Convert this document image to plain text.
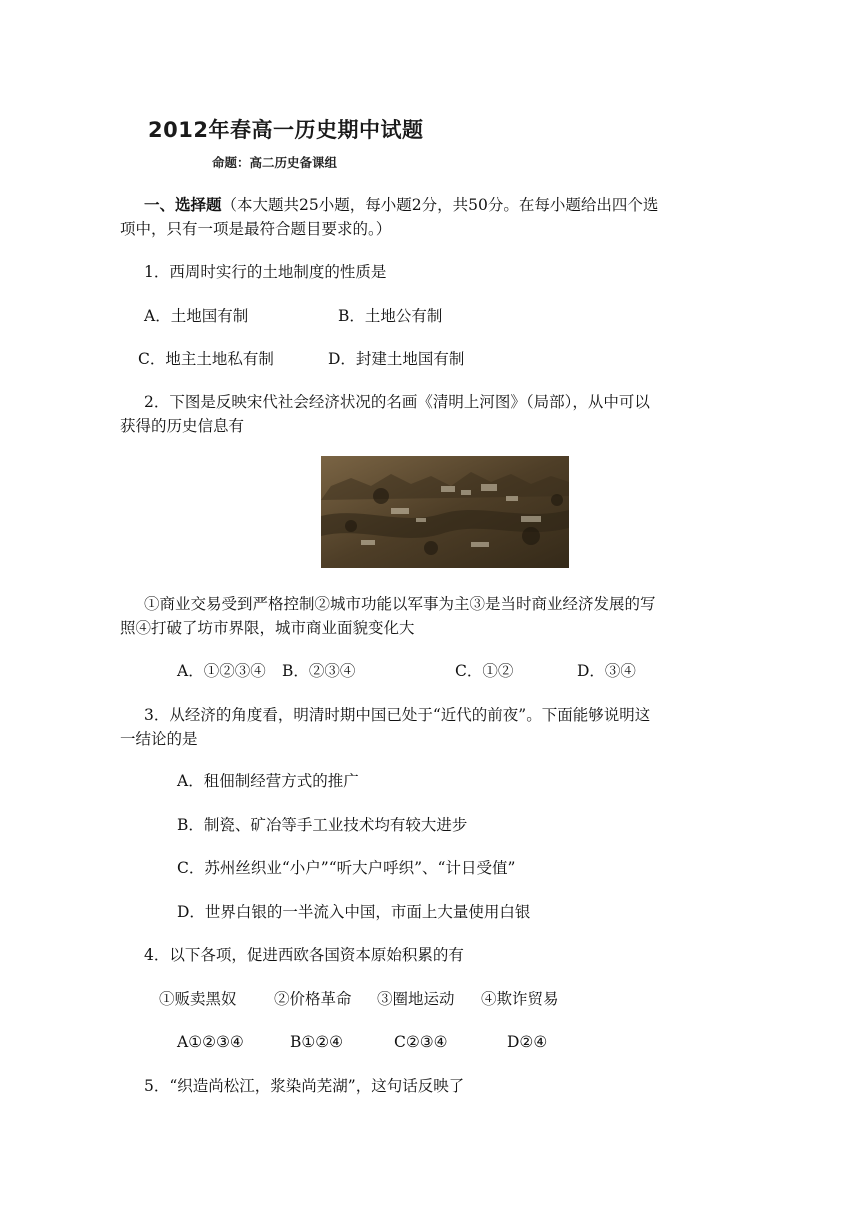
2012年春高一历史期中试题
命题：高二历史备课组
一、选择题（本大题共25小题，每小题2分，共50分。在每小题给出四个选
项中，只有一项是最符合题目要求的。）
1．西周时实行的土地制度的性质是
A．土地国有制	B．土地公有制
C．地主土地私有制	D．封建土地国有制
2．下图是反映宋代社会经济状况的名画《清明上河图》（局部），从中可以
获得的历史信息有
①商业交易受到严格控制②城市功能以军事为主③是当时商业经济发展的写
照④打破了坊市界限，城市商业面貌变化大
A．①②③④ B．②③④	C．①②	D．③④
3．从经济的角度看，明清时期中国已处于“近代的前夜”。下面能够说明这
一结论的是
A．租佃制经营方式的推广
B．制瓷、矿冶等手工业技术均有较大进步
C．苏州丝织业“小户”“听大户呼织”、“计日受值”
D．世界白银的一半流入中国，市面上大量使用白银
4．以下各项，促进西欧各国资本原始积累的有
①贩卖黑奴 ②价格革命 ③圈地运动 ④欺诈贸易
A①②③④	B①②④	C②③④	D②④
5．“织造尚松江，浆染尚芜湖”，这句话反映了
